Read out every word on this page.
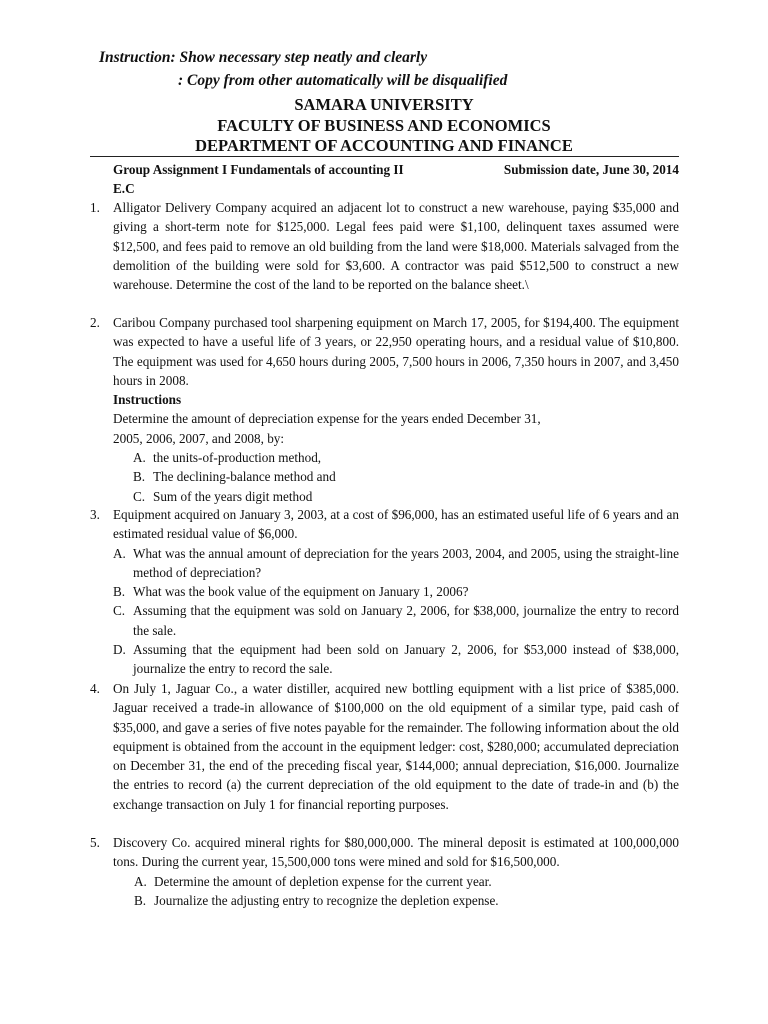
Instruction: Show necessary step neatly and clearly
: Copy from other automatically will be disqualified
SAMARA UNIVERSITY
FACULTY OF BUSINESS AND ECONOMICS
DEPARTMENT OF ACCOUNTING AND FINANCE
Group Assignment I Fundamentals of accounting II	Submission date, June 30, 2014
E.C
1. Alligator Delivery Company acquired an adjacent lot to construct a new warehouse, paying $35,000 and giving a short-term note for $125,000. Legal fees paid were $1,100, delinquent taxes assumed were $12,500, and fees paid to remove an old building from the land were $18,000. Materials salvaged from the demolition of the building were sold for $3,600. A contractor was paid $512,500 to construct a new warehouse. Determine the cost of the land to be reported on the balance sheet.\
2. Caribou Company purchased tool sharpening equipment on March 17, 2005, for $194,400. The equipment was expected to have a useful life of 3 years, or 22,950 operating hours, and a residual value of $10,800. The equipment was used for 4,650 hours during 2005, 7,500 hours in 2006, 7,350 hours in 2007, and 3,450 hours in 2008.
Instructions
Determine the amount of depreciation expense for the years ended December 31, 2005, 2006, 2007, and 2008, by:
A. the units-of-production method,
B. The declining-balance method and
C. Sum of the years digit method
3. Equipment acquired on January 3, 2003, at a cost of $96,000, has an estimated useful life of 6 years and an estimated residual value of $6,000.
A. What was the annual amount of depreciation for the years 2003, 2004, and 2005, using the straight-line method of depreciation?
B. What was the book value of the equipment on January 1, 2006?
C. Assuming that the equipment was sold on January 2, 2006, for $38,000, journalize the entry to record the sale.
D. Assuming that the equipment had been sold on January 2, 2006, for $53,000 instead of $38,000, journalize the entry to record the sale.
4. On July 1, Jaguar Co., a water distiller, acquired new bottling equipment with a list price of $385,000. Jaguar received a trade-in allowance of $100,000 on the old equipment of a similar type, paid cash of $35,000, and gave a series of five notes payable for the remainder. The following information about the old equipment is obtained from the account in the equipment ledger: cost, $280,000; accumulated depreciation on December 31, the end of the preceding fiscal year, $144,000; annual depreciation, $16,000. Journalize the entries to record (a) the current depreciation of the old equipment to the date of trade-in and (b) the exchange transaction on July 1 for financial reporting purposes.
5. Discovery Co. acquired mineral rights for $80,000,000. The mineral deposit is estimated at 100,000,000 tons. During the current year, 15,500,000 tons were mined and sold for $16,500,000.
A. Determine the amount of depletion expense for the current year.
B. Journalize the adjusting entry to recognize the depletion expense.
